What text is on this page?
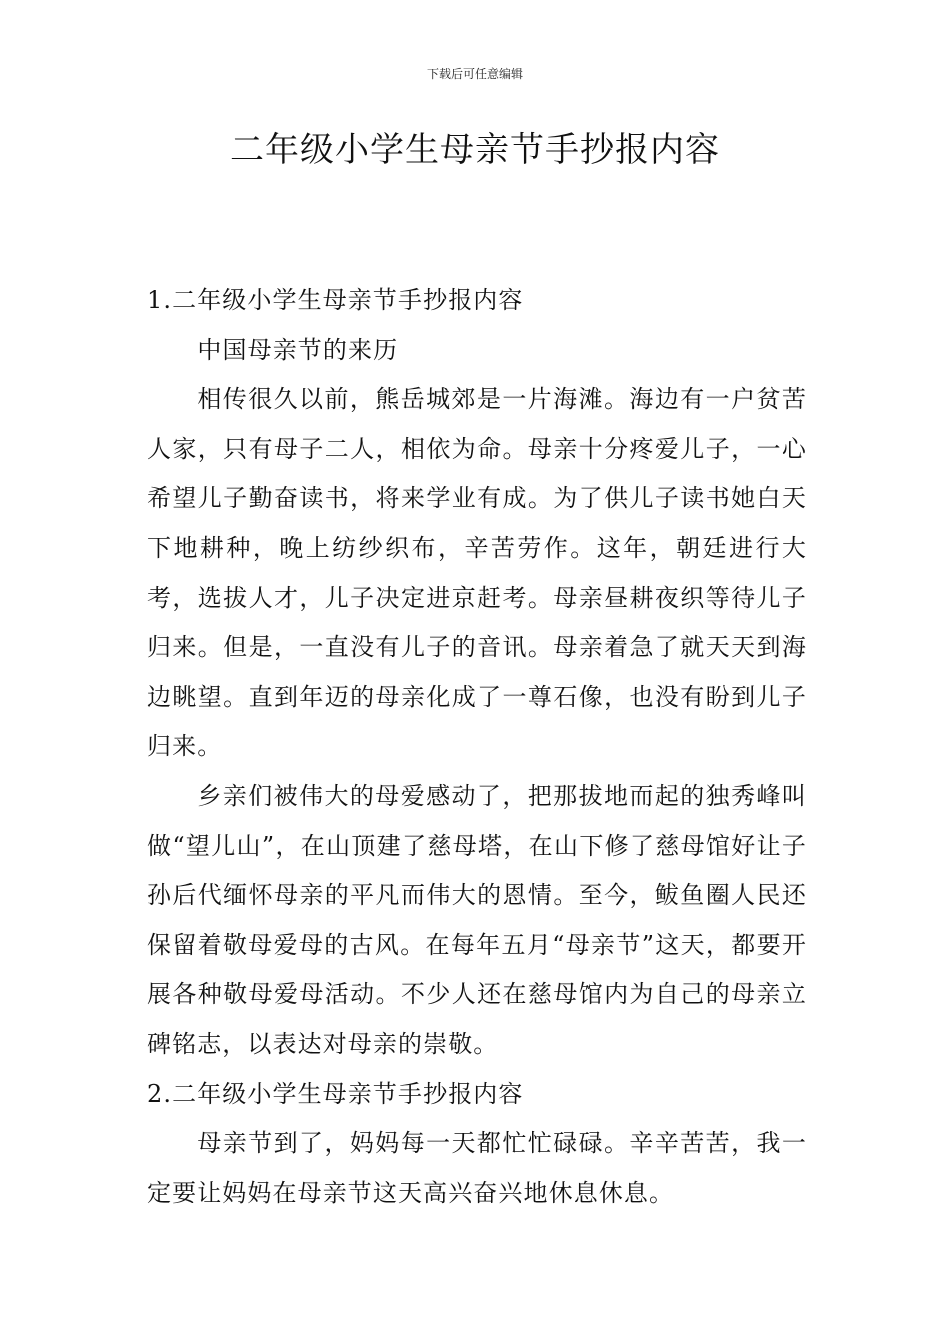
下载后可任意编辑
二年级小学生母亲节手抄报内容

1.二年级小学生母亲节手抄报内容

中国母亲节的来历

相传很久以前，熊岳城郊是一片海滩。海边有一户贫苦人家，只有母子二人，相依为命。母亲十分疼爱儿子，一心希望儿子勤奋读书，将来学业有成。为了供儿子读书她白天下地耕种，晚上纺纱织布，辛苦劳作。这年，朝廷进行大考，选拔人才，儿子决定进京赶考。母亲昼耕夜织等待儿子归来。但是，一直没有儿子的音讯。母亲着急了就天天到海边眺望。直到年迈的母亲化成了一尊石像，也没有盼到儿子归来。

乡亲们被伟大的母爱感动了，把那拔地而起的独秀峰叫做“望儿山”，在山顶建了慈母塔，在山下修了慈母馆好让子孙后代缅怀母亲的平凡而伟大的恩情。至今，鲅鱼圈人民还保留着敬母爱母的古风。在每年五月“母亲节”这天，都要开展各种敬母爱母活动。不少人还在慈母馆内为自己的母亲立碑铭志，以表达对母亲的崇敬。

2.二年级小学生母亲节手抄报内容

母亲节到了，妈妈每一天都忙忙碌碌。辛辛苦苦，我一定要让妈妈在母亲节这天高兴奋兴地休息休息。
